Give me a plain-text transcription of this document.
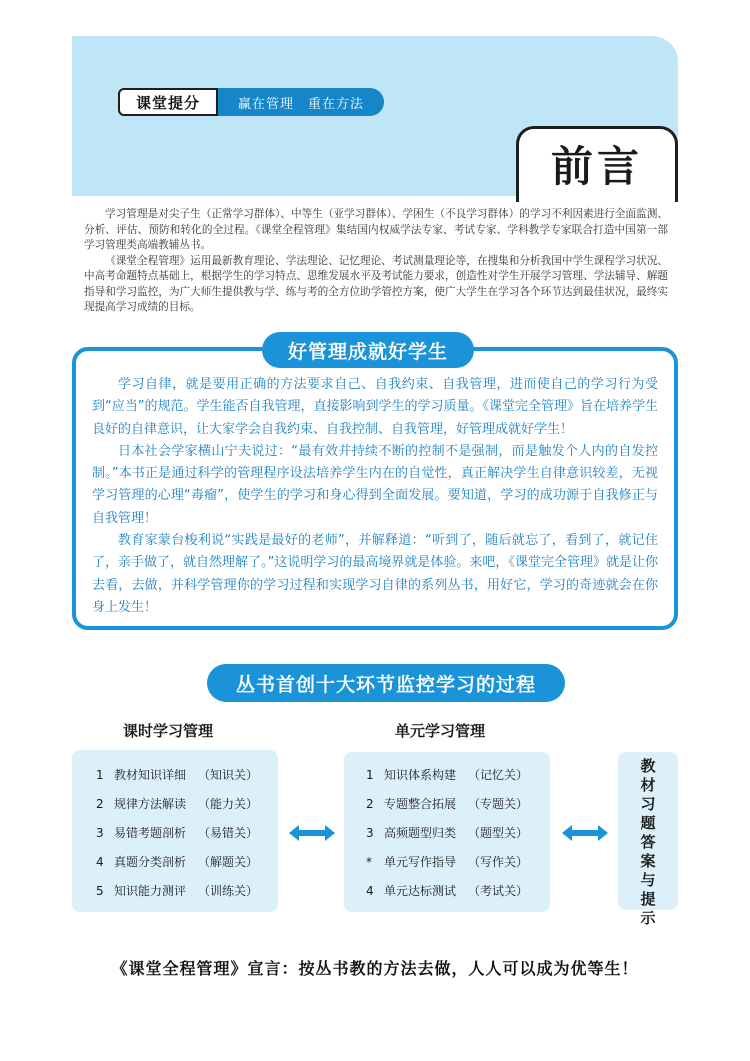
课堂提分	赢在管理　重在方法
前言

学习管理是对尖子生（正常学习群体）、中等生（亚学习群体）、学困生（不良学习群体）的学习不利因素进行全面监测、分析、评估、预防和转化的全过程。《课堂全程管理》集结国内权威学法专家、考试专家、学科教学专家联合打造中国第一部学习管理类高端教辅丛书。

《课堂全程管理》运用最新教育理论、学法理论、记忆理论、考试测量理论等，在搜集和分析我国中学生课程学习状况、中高考命题特点基础上，根据学生的学习特点、思维发展水平及考试能力要求，创造性对学生开展学习管理、学法辅导、解题指导和学习监控，为广大师生提供教与学、练与考的全方位助学管控方案，使广大学生在学习各个环节达到最佳状况，最终实现提高学习成绩的目标。

好管理成就好学生

学习自律，就是要用正确的方法要求自己、自我约束、自我管理，进而使自己的学习行为受到“应当”的规范。学生能否自我管理，直接影响到学生的学习质量。《课堂完全管理》旨在培养学生良好的自律意识，让大家学会自我约束、自我控制、自我管理，好管理成就好学生！

日本社会学家横山宁夫说过：“最有效并持续不断的控制不是强制，而是触发个人内的自发控制。”本书正是通过科学的管理程序设法培养学生内在的自觉性，真正解决学生自律意识较差，无视学习管理的心理“毒瘤”，使学生的学习和身心得到全面发展。要知道，学习的成功源于自我修正与自我管理！

教育家蒙台梭利说“实践是最好的老师”，并解释道：“听到了，随后就忘了，看到了，就记住了，亲手做了，就自然理解了。”这说明学习的最高境界就是体验。来吧，《课堂完全管理》就是让你去看，去做，并科学管理你的学习过程和实现学习自律的系列丛书，用好它，学习的奇迹就会在你身上发生！

丛书首创十大环节监控学习的过程
课时学习管理
1 教材知识详细 （知识关）
2 规律方法解读 （能力关）
3 易错考题剖析 （易错关）
4 真题分类剖析 （解题关）
5 知识能力测评 （训练关）
单元学习管理
1 知识体系构建 （记忆关）
2 专题整合拓展 （专题关）
3 高频题型归类 （题型关）
* 单元写作指导 （写作关）
4 单元达标测试 （考试关）
教
材
习
题
答
案
与
提
示
《课堂全程管理》宣言：按丛书教的方法去做，人人可以成为优等生！
